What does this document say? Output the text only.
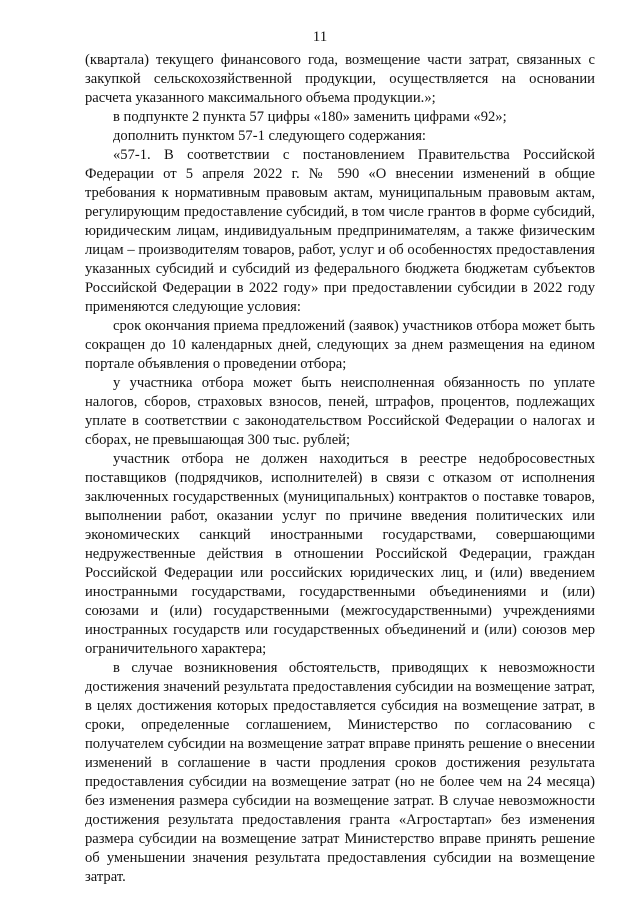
11

(квартала) текущего финансового года, возмещение части затрат, связанных с закупкой сельскохозяйственной продукции, осуществляется на основании расчета указанного максимального объема продукции.»;

в подпункте 2 пункта 57 цифры «180» заменить цифрами «92»;

дополнить пунктом 57-1 следующего содержания:

«57-1. В соответствии с постановлением Правительства Российской Федерации от 5 апреля 2022 г. № 590 «О внесении изменений в общие требования к нормативным правовым актам, муниципальным правовым актам, регулирующим предоставление субсидий, в том числе грантов в форме субсидий, юридическим лицам, индивидуальным предпринимателям, а также физическим лицам – производителям товаров, работ, услуг и об особенностях предоставления указанных субсидий и субсидий из федерального бюджета бюджетам субъектов Российской Федерации в 2022 году» при предоставлении субсидии в 2022 году применяются следующие условия:

срок окончания приема предложений (заявок) участников отбора может быть сокращен до 10 календарных дней, следующих за днем размещения на едином портале объявления о проведении отбора;

у участника отбора может быть неисполненная обязанность по уплате налогов, сборов, страховых взносов, пеней, штрафов, процентов, подлежащих уплате в соответствии с законодательством Российской Федерации о налогах и сборах, не превышающая 300 тыс. рублей;

участник отбора не должен находиться в реестре недобросовестных поставщиков (подрядчиков, исполнителей) в связи с отказом от исполнения заключенных государственных (муниципальных) контрактов о поставке товаров, выполнении работ, оказании услуг по причине введения политических или экономических санкций иностранными государствами, совершающими недружественные действия в отношении Российской Федерации, граждан Российской Федерации или российских юридических лиц, и (или) введением иностранными государствами, государственными объединениями и (или) союзами и (или) государственными (межгосударственными) учреждениями иностранных государств или государственных объединений и (или) союзов мер ограничительного характера;

в случае возникновения обстоятельств, приводящих к невозможности достижения значений результата предоставления субсидии на возмещение затрат, в целях достижения которых предоставляется субсидия на возмещение затрат, в сроки, определенные соглашением, Министерство по согласованию с получателем субсидии на возмещение затрат вправе принять решение о внесении изменений в соглашение в части продления сроков достижения результата предоставления субсидии на возмещение затрат (но не более чем на 24 месяца) без изменения размера субсидии на возмещение затрат. В случае невозможности достижения результата предоставления гранта «Агростартап» без изменения размера субсидии на возмещение затрат Министерство вправе принять решение об уменьшении значения результата предоставления субсидии на возмещение затрат.
